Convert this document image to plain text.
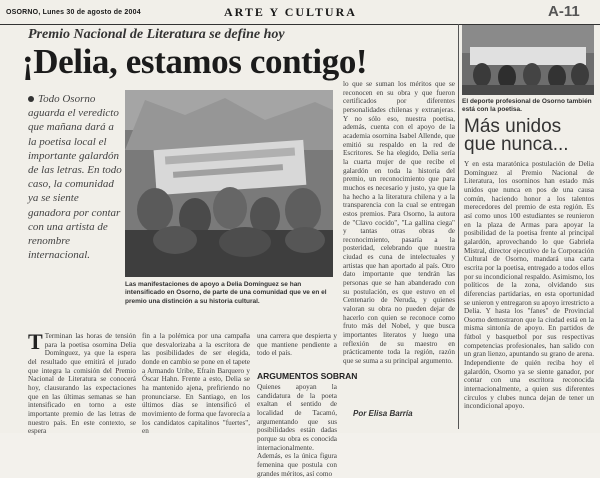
OSORNO, Lunes 30 de agosto de 2004	ARTE Y CULTURA	A-11
Premio Nacional de Literatura se define hoy
¡Delia, estamos contigo!
Todo Osorno aguarda el veredicto que mañana dará a la poetisa local el importante galardón de las letras. En todo caso, la comunidad ya se siente ganadora por contar con una artista de renombre internacional.
Las manifestaciones de apoyo a Delia Domínguez se han intensificado en Osorno, de parte de una comunidad que ve en el premio una distinción a su historia cultural.

T Terminan las horas de tensión para la poetisa osornina Delia Domínguez, ya que la espera del resultado que emitirá el jurado que integra la comisión del Premio Nacional de Literatura se conocerá hoy, clausurando las expectaciones que en las últimas semanas se han intensificado en torno a este importante premio de las letras de nuestro país. En este contexto, se espera

fin a la polémica por una campaña que desvalorizaba a la escritora de las posibilidades de ser elegida, donde en cambio se pone en el tapete a Armando Uribe, Efraín Barquero y Óscar Hahn. Frente a esto, Delia se ha mantenido ajena, prefiriendo no pronunciarse. En Santiago, en los últimos días se intensificó el movimiento de forma que favorecía a los candidatos capitalinos "fuertes", en

una carrera que despierta y que mantiene pendiente a todo el país.

ARGUMENTOS SOBRAN

Quienes apoyan la candidatura de la poeta exaltan el sentido de localidad de Tacamó, argumentando que sus posibilidades están dadas porque su obra es conocida internacionalmente. Además, es la única figura femenina que postula con grandes méritos, así como

lo que se suman los méritos que se reconocen en su obra y que fueron certificados por diferentes personalidades chilenas y extranjeras. Y no sólo eso, nuestra poetisa, además, cuenta con el apoyo de la academia osornina Isabel Allende, que emitió su respaldo en la red de Escritores. Se ha elegido, Delia sería la cuarta mujer de que recibe el galardón en toda la historia del premio, un reconocimiento que para muchos es necesario y justo, ya que la ha hecho a la literatura chilena y a la transparencia con la cual se entregan estos premios. Para Osorno, la autora de "Clavo cocido", "La gallina ciega" y tantas otras obras de reconocimiento, pasaría a la posteridad, celebrando que nuestra ciudad es cuna de intelectuales y artistas que han aportado al país. Otro dato importante que tendrán las personas que se han abanderado con su postulación, es que estuvo en el Centenario de Neruda, y quienes valoran su obra no pueden dejar de hacerlo con quien se reconoce como fruto más del Nobel, y que busca importantes literatos y luego una reflexión de su maestro en prácticamente toda la región, razón que se suma a su principal argumento.

Por Elisa Barría
El deporte profesional de Osorno también está con la poetisa.
Más unidos que nunca...

Y en esta maratónica postulación de Delia Domínguez al Premio Nacional de Literatura, los osorninos han estado más unidos que nunca en pos de una causa común, haciendo honor a los talentos merecedores del premio de esta región. Es así como unos 100 estudiantes se reunieron en la plaza de Armas para apoyar la posibilidad de la poetisa frente al principal galardón, aprovechando lo que Gabriela Mistral, director ejecutivo de la Corporación Cultural de Osorno, mandará una carta escrita por la poetisa, entregado a todos ellos por su incondicional respaldo. Asimismo, los políticos de la zona, olvidando sus diferencias partidarias, en esta oportunidad se unieron y entregaron su apoyo irrestricto a Delia. Y hasta los "fanes" de Provincial Osorno demostraron que la ciudad está en la misma sintonía de apoyo. En partidos de fútbol y basquetbol por sus respectivas competencias profesionales, han salido con un gran lienzo, apuntando su grano de arena. Independiente de quién reciba hoy el galardón, Osorno ya se siente ganador, por contar con una escritora reconocida internacionalmente, a quien sus diferentes círculos y clubes nunca dejan de tener un incondicional apoyo.
